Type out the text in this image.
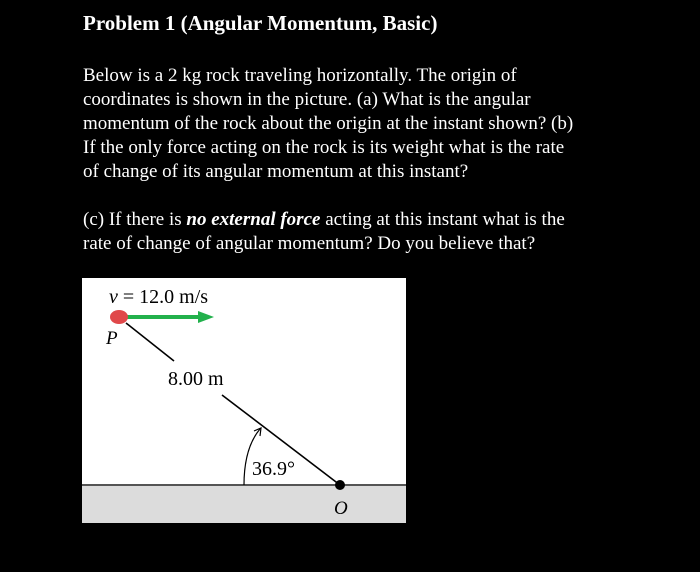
Problem 1 (Angular Momentum, Basic)
Below is a 2 kg rock traveling horizontally. The origin of
coordinates is shown in the picture. (a) What is the angular
momentum of the rock about the origin at the instant shown? (b)
If the only force acting on the rock is its weight what is the rate
of change of its angular momentum at this instant?
(c) If there is no external force acting at this instant what is the
rate of change of angular momentum? Do you believe that?
v = 12.0 m/s
P
8.00 m
36.9°
O
